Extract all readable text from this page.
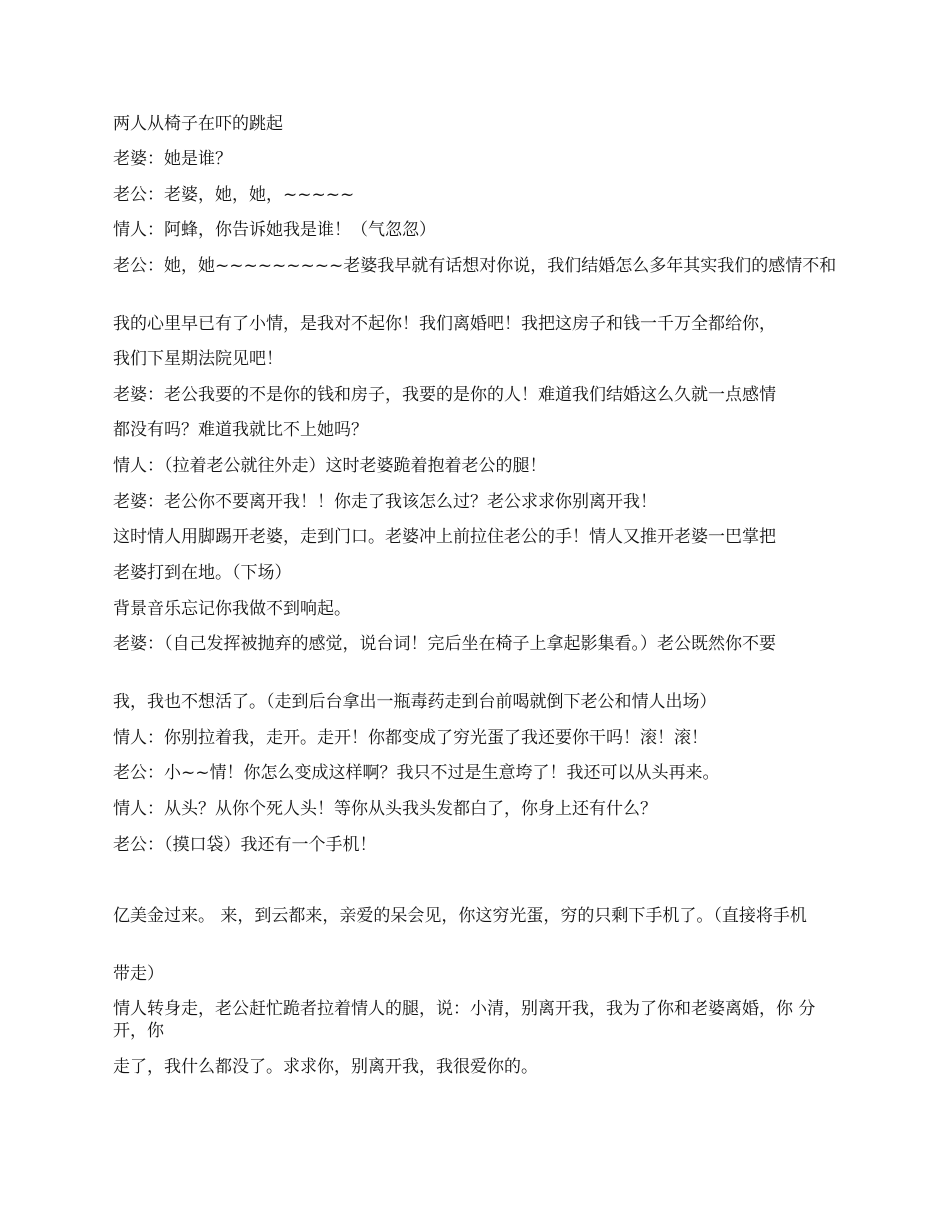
两人从椅子在吓的跳起
老婆：她是谁？
老公：老婆，她，她，~~~~~
情人：阿蜂，你告诉她我是谁！（气忽忽）
老公：她，她~~~~~~~~~老婆我早就有话想对你说，我们结婚怎么多年其实我们的感情不和
我的心里早已有了小情，是我对不起你！我们离婚吧！我把这房子和钱一千万全都给你，
我们下星期法院见吧！
老婆：老公我要的不是你的钱和房子，我要的是你的人！难道我们结婚这么久就一点感情
都没有吗？难道我就比不上她吗？
情人：（拉着老公就往外走）这时老婆跪着抱着老公的腿！
老婆：老公你不要离开我！！你走了我该怎么过？老公求求你别离开我！
这时情人用脚踢开老婆，走到门口。老婆冲上前拉住老公的手！情人又推开老婆一巴掌把
老婆打到在地。（下场）
背景音乐忘记你我做不到响起。
老婆：（自己发挥被抛弃的感觉，说台词！完后坐在椅子上拿起影集看。）老公既然你不要
我，我也不想活了。（走到后台拿出一瓶毒药走到台前喝就倒下老公和情人出场）
情人：你别拉着我，走开。走开！你都变成了穷光蛋了我还要你干吗！滚！滚！
老公：小~~情！你怎么变成这样啊？我只不过是生意垮了！我还可以从头再来。
情人：从头？从你个死人头！等你从头我头发都白了，你身上还有什么？
老公：（摸口袋）我还有一个手机！
亿美金过来。 来，到云都来，亲爱的呆会见，你这穷光蛋，穷的只剩下手机了。（直接将手机
带走）
情人转身走，老公赶忙跪者拉着情人的腿，说：小清，别离开我，我为了你和老婆离婚，你 分开，你
走了，我什么都没了。求求你，别离开我，我很爱你的。
